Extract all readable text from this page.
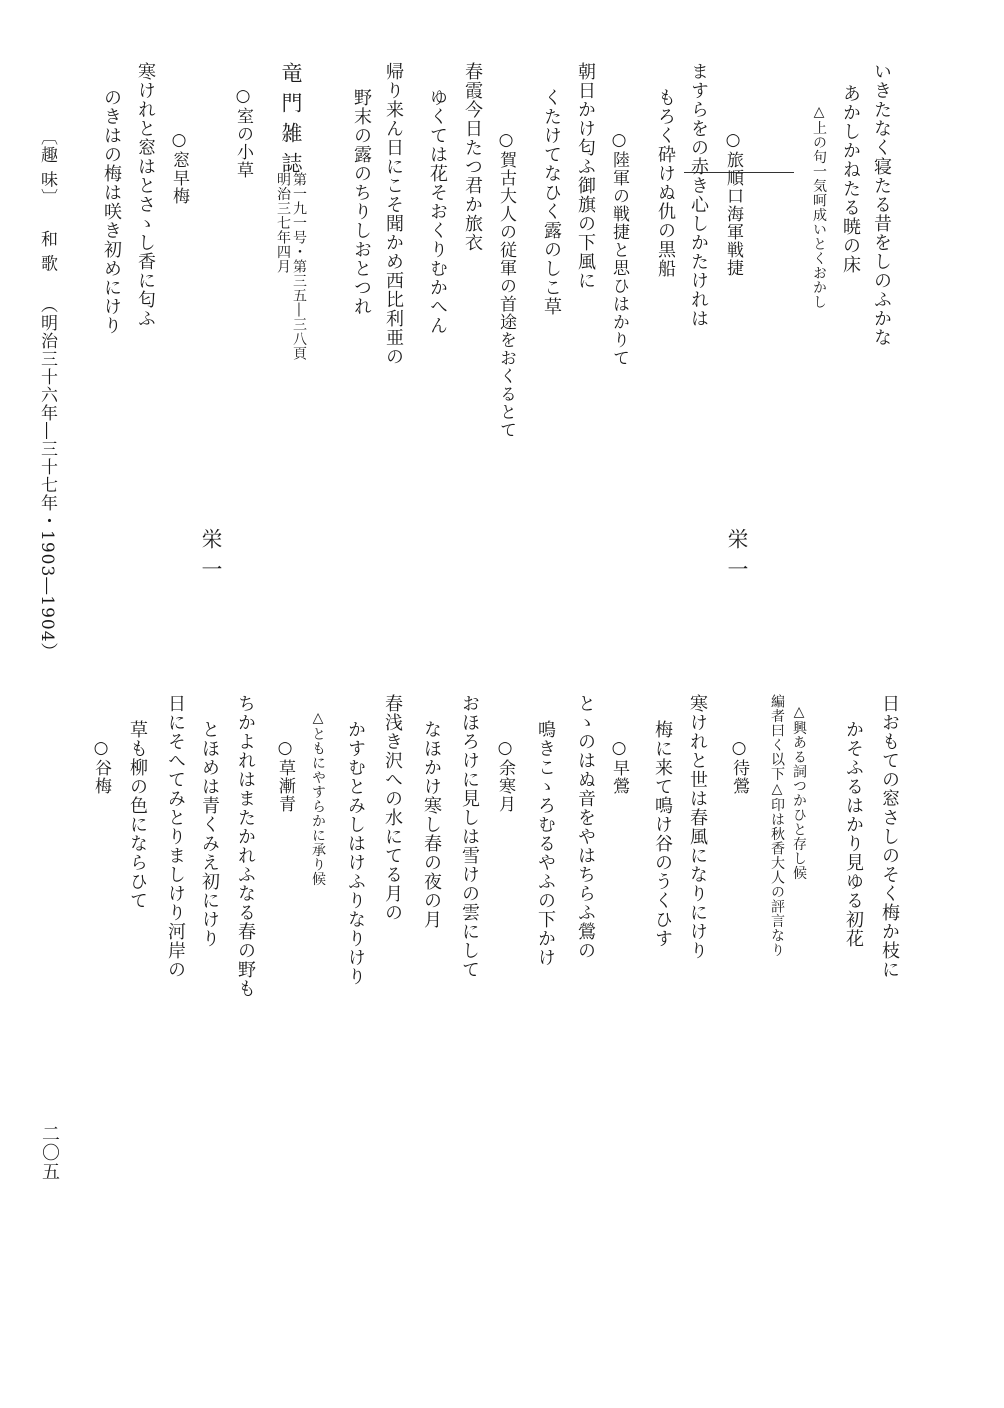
いきたなく寝たる昔をしのふかな
あかしかねたる暁の床
△上の句一気呵成いとくおかし
○旅順口海軍戦捷
ますらをの赤き心しかたけれは
もろく砕けぬ仇の黒船
○陸軍の戦捷と思ひはかりて
朝日かけ匂ふ御旗の下風に
くたけてなひく露のしこ草
○賀古大人の従軍の首途をおくるとて
春霞今日たつ君か旅衣
ゆくては花そおくりむかへん
帰り来ん日にこそ聞かめ西比利亜の
野末の露のちりしおとつれ
竜門雑誌
第一九一号・第三五―三八頁
明治三七年四月
○室の小草
○窓早梅
寒けれと窓はとさゝし香に匂ふ
のきはの梅は咲き初めにけり
栄一
栄一
日おもての窓さしのそく梅か枝に
かそふるはかり見ゆる初花
△興ある詞つかひと存し候
編者曰く以下△印は秋香大人の評言なり
○待鶯
寒けれと世は春風になりにけり
梅に来て鳴け谷のうくひす
○早鶯
とゝのはぬ音をやはちらふ鶯の
鳴きこゝろむるやふの下かけ
○余寒月
おほろけに見しは雪けの雲にして
なほかけ寒し春の夜の月
春浅き沢への水にてる月の
かすむとみしはけふりなりけり
△ともにやすらかに承り候
○草漸青
ちかよれはまたかれふなる春の野も
とほめは青くみえ初にけり
日にそへてみとりましけり河岸の
草も柳の色にならひて
○谷梅
〔趣 味〕
和 歌
（明治三十六年―三十七年・1903―1904）
二〇五
